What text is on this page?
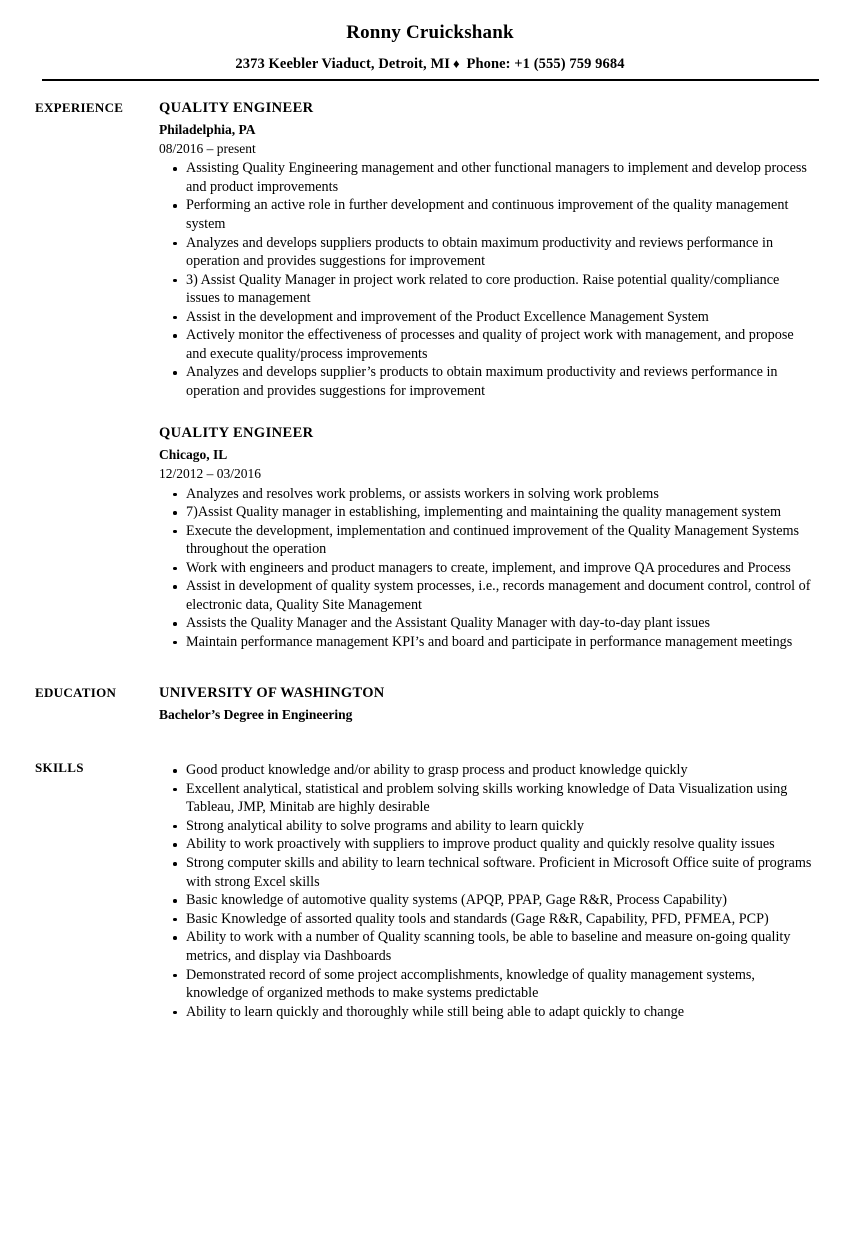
Ronny Cruickshank
2373 Keebler Viaduct, Detroit, MI ♦ Phone: +1 (555) 759 9684
EXPERIENCE	QUALITY ENGINEER
Philadelphia, PA
08/2016 – present
Assisting Quality Engineering management and other functional managers to implement and develop process and product improvements
Performing an active role in further development and continuous improvement of the quality management system
Analyzes and develops suppliers products to obtain maximum productivity and reviews performance in operation and provides suggestions for improvement
3) Assist Quality Manager in project work related to core production. Raise potential quality/compliance issues to management
Assist in the development and improvement of the Product Excellence Management System
Actively monitor the effectiveness of processes and quality of project work with management, and propose and execute quality/process improvements
Analyzes and develops supplier’s products to obtain maximum productivity and reviews performance in operation and provides suggestions for improvement
QUALITY ENGINEER
Chicago, IL
12/2012 – 03/2016
Analyzes and resolves work problems, or assists workers in solving work problems
7)Assist Quality manager in establishing, implementing and maintaining the quality management system
Execute the development, implementation and continued improvement of the Quality Management Systems throughout the operation
Work with engineers and product managers to create, implement, and improve QA procedures and Process
Assist in development of quality system processes, i.e., records management and document control, control of electronic data, Quality Site Management
Assists the Quality Manager and the Assistant Quality Manager with day-to-day plant issues
Maintain performance management KPI’s and board and participate in performance management meetings
EDUCATION	UNIVERSITY OF WASHINGTON
Bachelor’s Degree in Engineering
SKILLS	Good product knowledge and/or ability to grasp process and product knowledge quickly
Excellent analytical, statistical and problem solving skills working knowledge of Data Visualization using Tableau, JMP, Minitab are highly desirable
Strong analytical ability to solve programs and ability to learn quickly
Ability to work proactively with suppliers to improve product quality and quickly resolve quality issues
Strong computer skills and ability to learn technical software. Proficient in Microsoft Office suite of programs with strong Excel skills
Basic knowledge of automotive quality systems (APQP, PPAP, Gage R&R, Process Capability)
Basic Knowledge of assorted quality tools and standards (Gage R&R, Capability, PFD, PFMEA, PCP)
Ability to work with a number of Quality scanning tools, be able to baseline and measure on-going quality metrics, and display via Dashboards
Demonstrated record of some project accomplishments, knowledge of quality management systems, knowledge of organized methods to make systems predictable
Ability to learn quickly and thoroughly while still being able to adapt quickly to change
